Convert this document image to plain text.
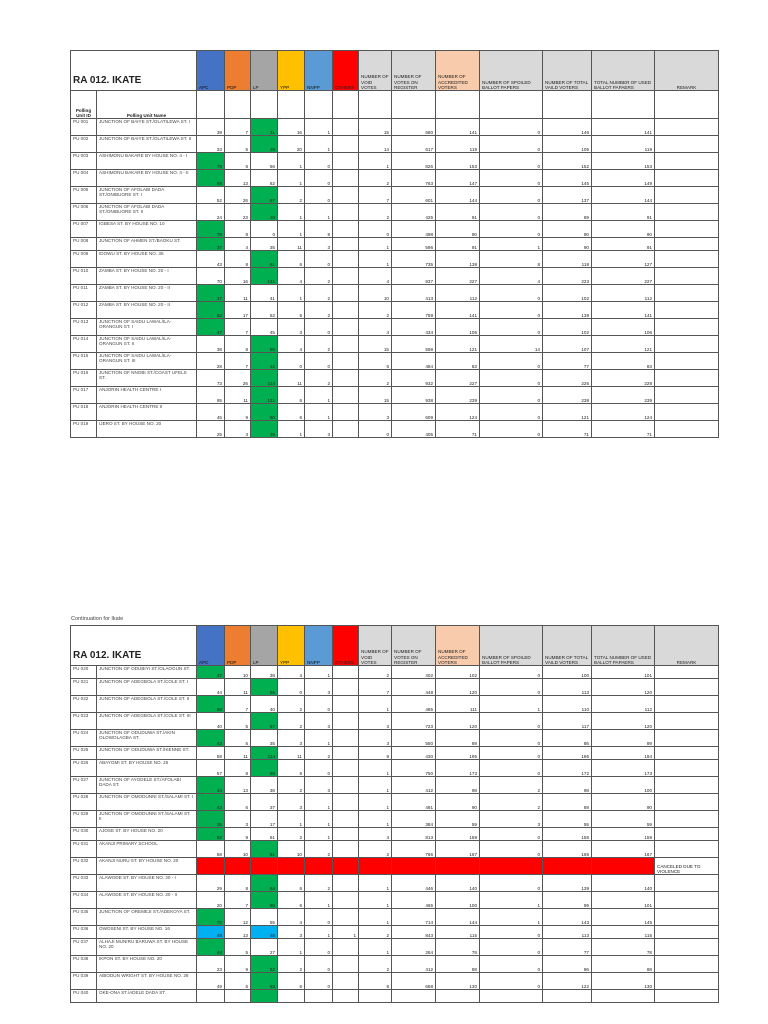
RA 012. IKATE		APC	PDP	LP	YPP	NNPP	OTHERS	NUMBER OF VOID VOTES	NUMBER OF VOTES ON REGISTER	NUMBER OF ACCREDITED VOTERS	NUMBER OF SPOILED BALLOT PAPERS	NUMBER OF TOTAL VAILD VOTERS	TOTAL NUMBER OF USED BALLOT PAPAERS	REMARK
Polling Unit ID	Polling Unit Name													
PU 001	JUNCTION OF BAIYE ST./OLATILEWA ST. I	39	7	31	16	1		15	680	141	0	146	141	
PU 002	JUNCTION OF BAIYE ST./OLATILEWA ST. II	33	5	48	20	1		14	617	119	0	105	119	
PU 003	ASHIMONU BAKARE BY HOUSE NO. 4 - I	79	6	66	1	0		1	826	153	0	152	153	
PU 004	ASHIMONU BAKARE BY HOUSE NO. 4 - II	69	13	62	1	0		2	763	147	0	145	149	
PU 005	JUNCTION OF AFOLABI DADA ST./ONIBUORE ST. I	52	26	57	2	0		7	601	144	0	137	144	
PU 006	JUNCTION OF AFOLABI DADA ST./ONIBUORE ST. II	24	23	40	1	1		2	425	91	0	89	91	
PU 007	IGBESA ST. BY HOUSE NO. 10	79	8	0	1	8		0	498	90	0	90	90	
PU 008	JUNCTION OF AHMEN ST./BAOKU ST.	37	4	35	11	3		1	596	91	1	90	91	
PU 009	IDOWU ST. BY HOUSE NO. 35	43	8	61	6	0		1	735	138	8	118	127	
PU 010	ZAMBA ST. BY HOUSE NO. 20 - I	70	16	131	4	2		4	937	227	4	223	227	
PU 011	ZAMBA ST. BY HOUSE NO. 20 - II	47	11	41	1	2		10	413	112	0	102	112	
PU 012	ZAMBA ST. BY HOUSE NO. 20 - II	62	17	52	5	2		2	759	141	0	139	141	
PU 013	JUNCTION OF SAIDU LAWAL/ILA-ORANGUN ST. I	47	7	45	3	0		4	434	106	0	102	106	
PU 014	JUNCTION OF SAIDU LAWAL/ILA-ORANGUN ST. II	38	8	55	4	2		15	598	121	14	107	121	
PU 015	JUNCTION OF SAIDU LAWAL/ILA-ORANGUN ST. III	28	7	42	0	0		6	484	83	0	77	83	
PU 016	JUNCTION OF NNOBI ST./COAST UFELS ST.	73	26	114	11	2		2	932	227	0	226	228	
PU 017	ANJORIN HEALTH CENTRE I	95	11	121	6	1		15	938	239	0	238	239	
PU 018	ANJORIN HEALTH CENTRE II	45	9	60	6	1		3	609	124	0	121	124	
PU 019	IJERO ST. BY HOUSE NO. 20	25	3	39	1	3		0	405	71	0	71	71	
Continuation for Ikate
RA 012. IKATE		APC	PDP	LP	YPP	NNPP	OTHERS	NUMBER OF VOID VOTES	NUMBER OF VOTES ON REGISTER	NUMBER OF ACCREDITED VOTERS	NUMBER OF SPOILED BALLOT PAPERS	NUMBER OF TOTAL VAILD VOTERS	TOTAL NUMBER OF USED BALLOT PAPAERS	REMARK
PU 020	JUNCTION OF ODUBIYI ST./OLAOGUN ST.	47	10	38	4	1		2	402	102	0	100	101	
PU 021	JUNCTION OF ADEGBOLA ST./COLE ST. I	44	11	55	0	3		7	448	120	0	113	120	
PU 022	JUNCTION OF ADEGBOLA ST./COLE ST. II	58	7	40	2	0		1	485	111	1	110	112	
PU 023	JUNCTION OF ADEGBOLA ST./COLE ST. III	40	5	67	2	3		3	723	120	0	117	120	
PU 024	JUNCTION OF ODUDUWA ST./AKIN OLOWOLAGBA ST.	42	5	35	3	1		3	550	89	0	86	89	
PU 025	JUNCTION OF ODUDUWA ST./IKENNE ST.	58	11	114	11	2		9	430	195	0	186	194	
PU 026	ABAYOMI ST. BY HOUSE NO. 25	57	8	98	8	0		1	750	173	0	172	173	
PU 027	JUNCTION OF AYODELE ST./AFOLABI DADA ST.	44	13	36	2	3		1	412	98	2	98	100	
PU 028	JUNCTION OF OMODUNNI ST./SALAMI ST. I	42	6	37	3	1		1	491	90	2	89	90	
PU 029	JUNCTION OF OMODUNNI ST./SALAMI ST. II	35	3	17	1	1		1	384	59	3	55	59	
PU 030	AJOSE ST. BY HOUSE NO. 20	82	9	61	2	1		4	813	159	0	155	159	
PU 031	AKANJI PRIMARY SCHOOL	58	10	91	10	2		2	766	167	0	165	167	
PU 032	AKANJI NURU ST. BY HOUSE NO. 20													CANCELED DUE TO VIOLENCE
PU 033	ALAWODE ST. BY HOUSE NO. 20 - I	29	8	94	6	2		1	446	140	0	139	140	
PU 034	ALAWODE ST. BY HOUSE NO. 20 - II	20	7	65	6	1		1	465	100	1	99	101	
PU 035	JUNCTION OF OREMEJI ST./ADEKOYA ST.	72	12	55	4	0		1	714	144	1	143	145	
PU 036	OWOSENI ST. BY HOUSE NO. 16	48	13	48	3	1	1	2	843	115	0	113	115	
PU 037	ALHAJI MUNIRU BARUWA ST. BY HOUSE NO. 20	44	5	27	1	0		1	264	78	0	77	78	
PU 038	IKPON ST. BY HOUSE NO. 20	23	9	52	2	0		2	412	88	0	86	88	
PU 039	ABIODUN WRIGHT ST. BY HOUSE NO. 28	49	5	63	6	0		8	668	130	0	122	130	
PU 040	OKE-ONA ST./ADELE DADA ST.													
